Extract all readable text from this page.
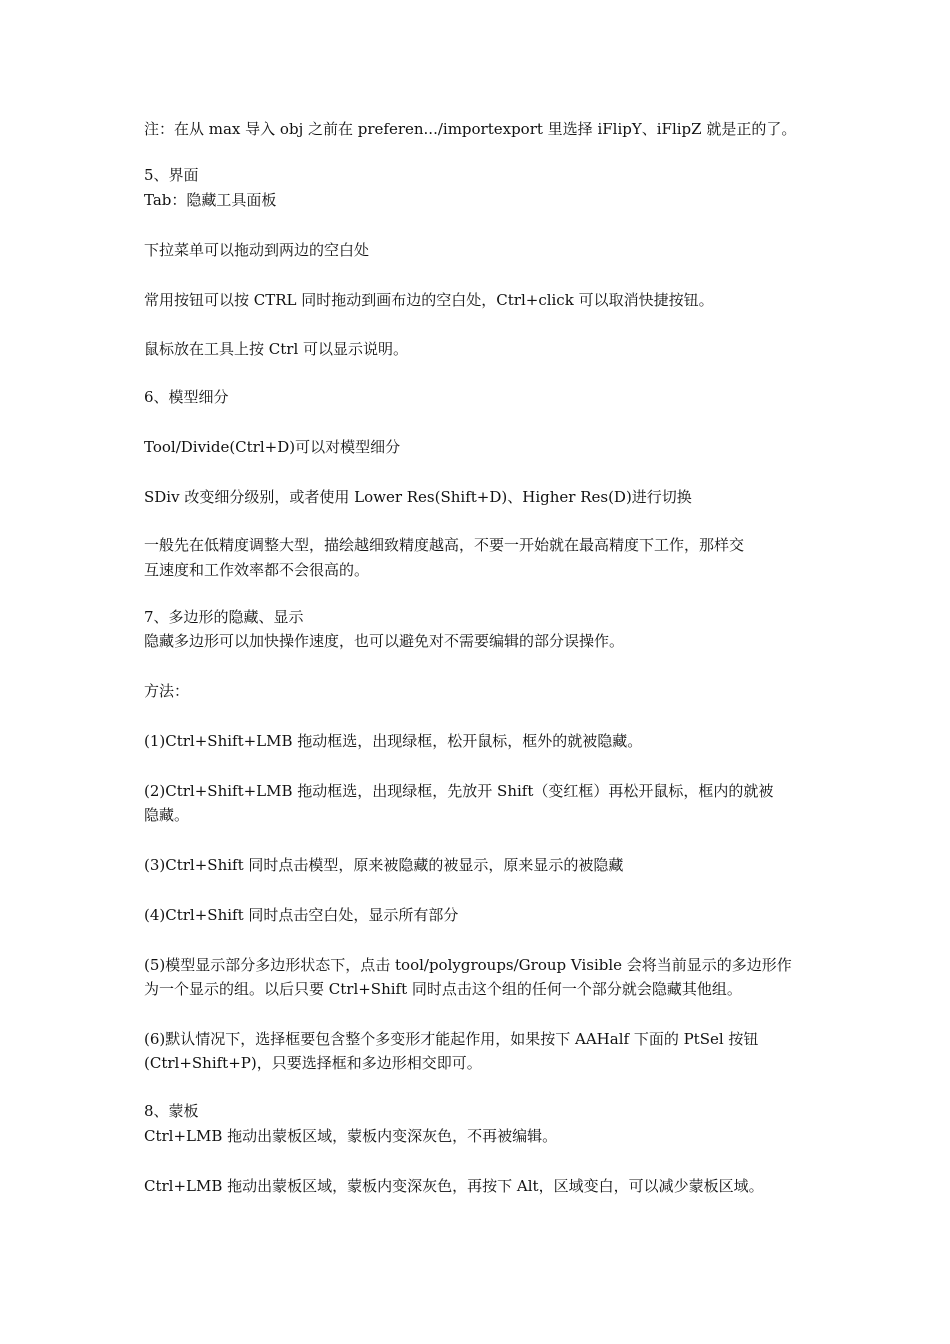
注：在从 max 导入 obj 之前在 preferen.../importexport 里选择 iFlipY、iFlipZ 就是正的了。
5、界面
Tab：隐藏工具面板
下拉菜单可以拖动到两边的空白处
常用按钮可以按 CTRL 同时拖动到画布边的空白处，Ctrl+click 可以取消快捷按钮。
鼠标放在工具上按 Ctrl 可以显示说明。
6、模型细分
Tool/Divide(Ctrl+D)可以对模型细分
SDiv 改变细分级别，或者使用 Lower Res(Shift+D)、Higher Res(D)进行切换
一般先在低精度调整大型，描绘越细致精度越高，不要一开始就在最高精度下工作，那样交
互速度和工作效率都不会很高的。
7、多边形的隐藏、显示
隐藏多边形可以加快操作速度，也可以避免对不需要编辑的部分误操作。
方法：
(1)Ctrl+Shift+LMB 拖动框选，出现绿框，松开鼠标，框外的就被隐藏。
(2)Ctrl+Shift+LMB 拖动框选，出现绿框，先放开 Shift（变红框）再松开鼠标，框内的就被
隐藏。
(3)Ctrl+Shift 同时点击模型，原来被隐藏的被显示，原来显示的被隐藏
(4)Ctrl+Shift 同时点击空白处，显示所有部分
(5)模型显示部分多边形状态下，点击 tool/polygroups/Group Visible 会将当前显示的多边形作
为一个显示的组。以后只要 Ctrl+Shift 同时点击这个组的任何一个部分就会隐藏其他组。
(6)默认情况下，选择框要包含整个多变形才能起作用，如果按下 AAHalf 下面的 PtSel 按钮
(Ctrl+Shift+P)，只要选择框和多边形相交即可。
8、蒙板
Ctrl+LMB 拖动出蒙板区域，蒙板内变深灰色，不再被编辑。
Ctrl+LMB 拖动出蒙板区域，蒙板内变深灰色，再按下 Alt，区域变白，可以减少蒙板区域。
